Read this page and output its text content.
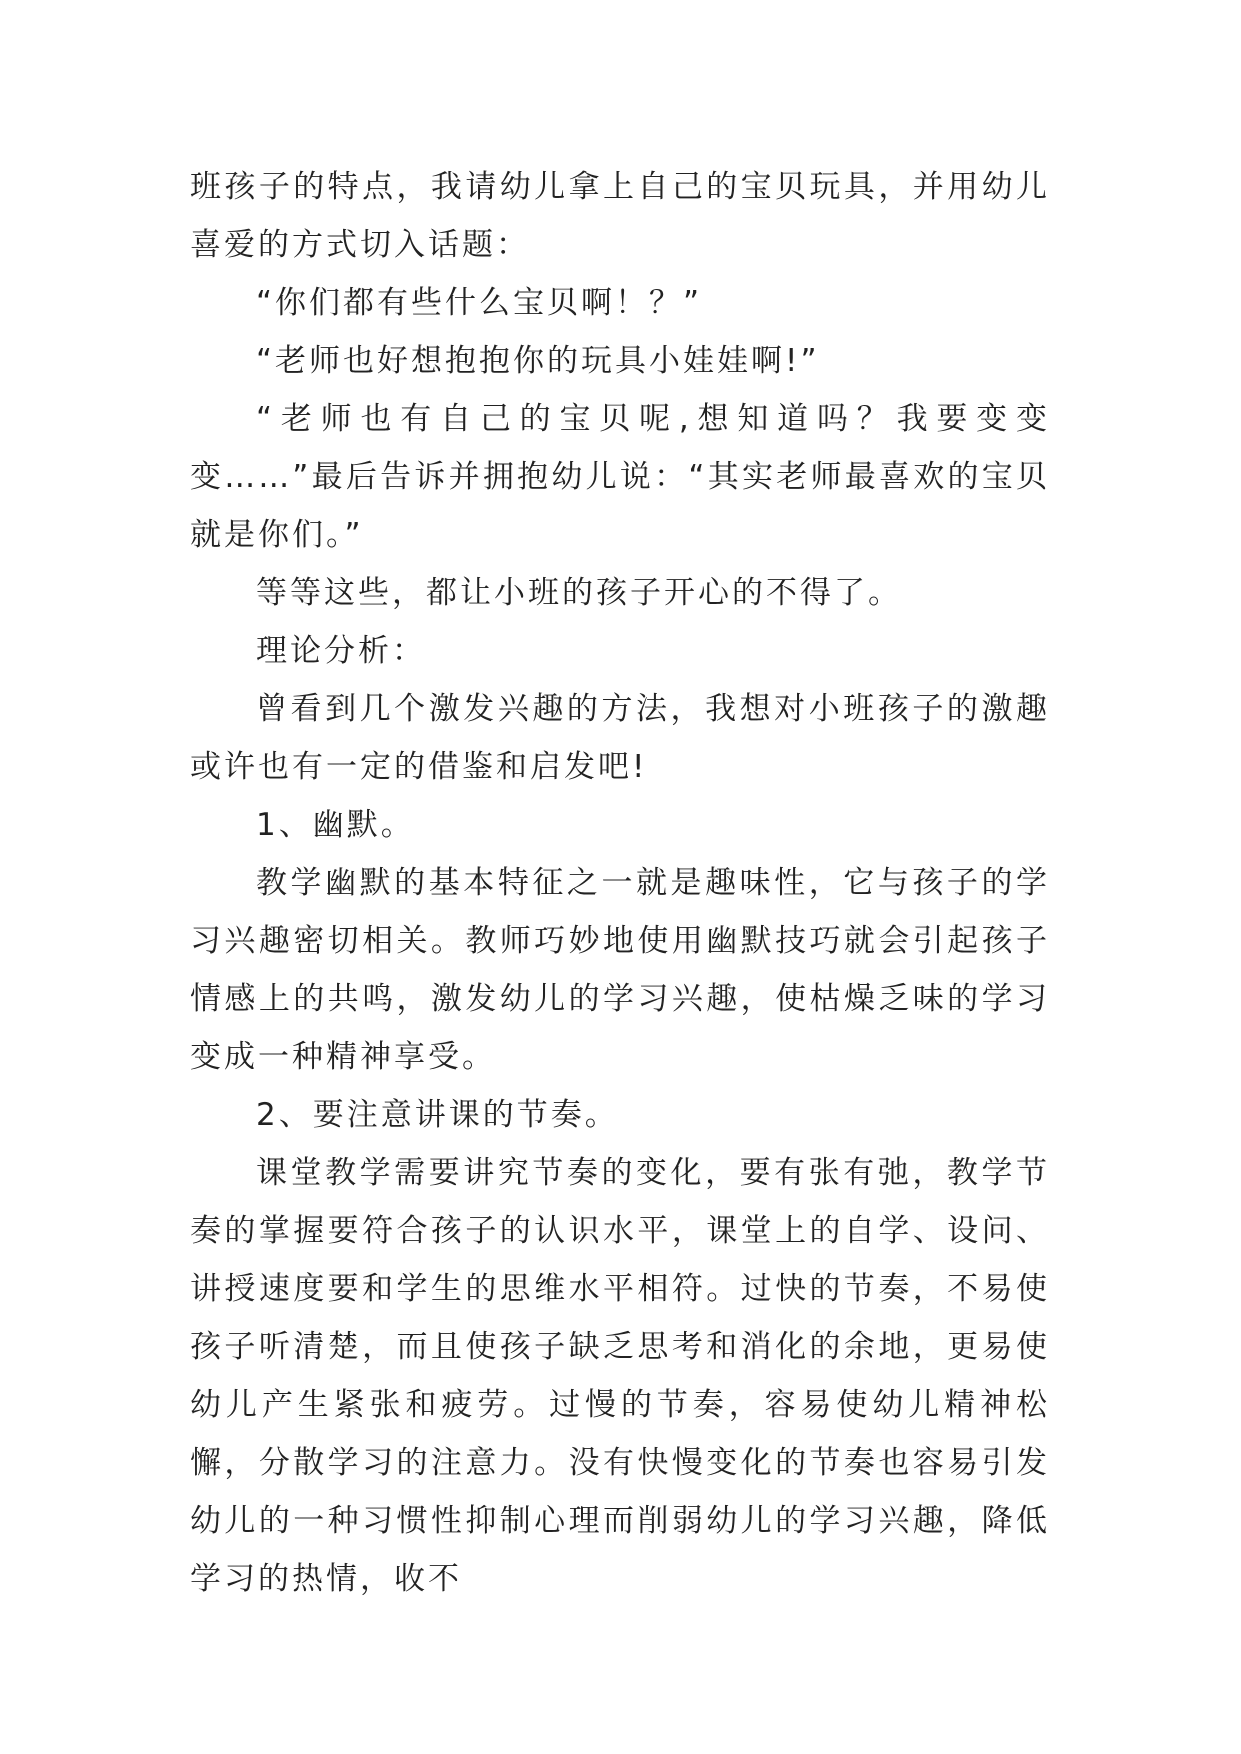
班孩子的特点，我请幼儿拿上自己的宝贝玩具，并用幼儿喜爱的方式切入话题：

“你们都有些什么宝贝啊！？”

“老师也好想抱抱你的玩具小娃娃啊!”

“老师也有自己的宝贝呢,想知道吗？我要变变变……”最后告诉并拥抱幼儿说：“其实老师最喜欢的宝贝就是你们。”

等等这些，都让小班的孩子开心的不得了。

理论分析：

曾看到几个激发兴趣的方法，我想对小班孩子的激趣或许也有一定的借鉴和启发吧!

1、幽默。

教学幽默的基本特征之一就是趣味性，它与孩子的学习兴趣密切相关。教师巧妙地使用幽默技巧就会引起孩子情感上的共鸣，激发幼儿的学习兴趣，使枯燥乏味的学习变成一种精神享受。

2、要注意讲课的节奏。

课堂教学需要讲究节奏的变化，要有张有弛，教学节奏的掌握要符合孩子的认识水平，课堂上的自学、设问、讲授速度要和学生的思维水平相符。过快的节奏，不易使孩子听清楚，而且使孩子缺乏思考和消化的余地，更易使幼儿产生紧张和疲劳。过慢的节奏，容易使幼儿精神松懈，分散学习的注意力。没有快慢变化的节奏也容易引发幼儿的一种习惯性抑制心理而削弱幼儿的学习兴趣，降低学习的热情，收不
